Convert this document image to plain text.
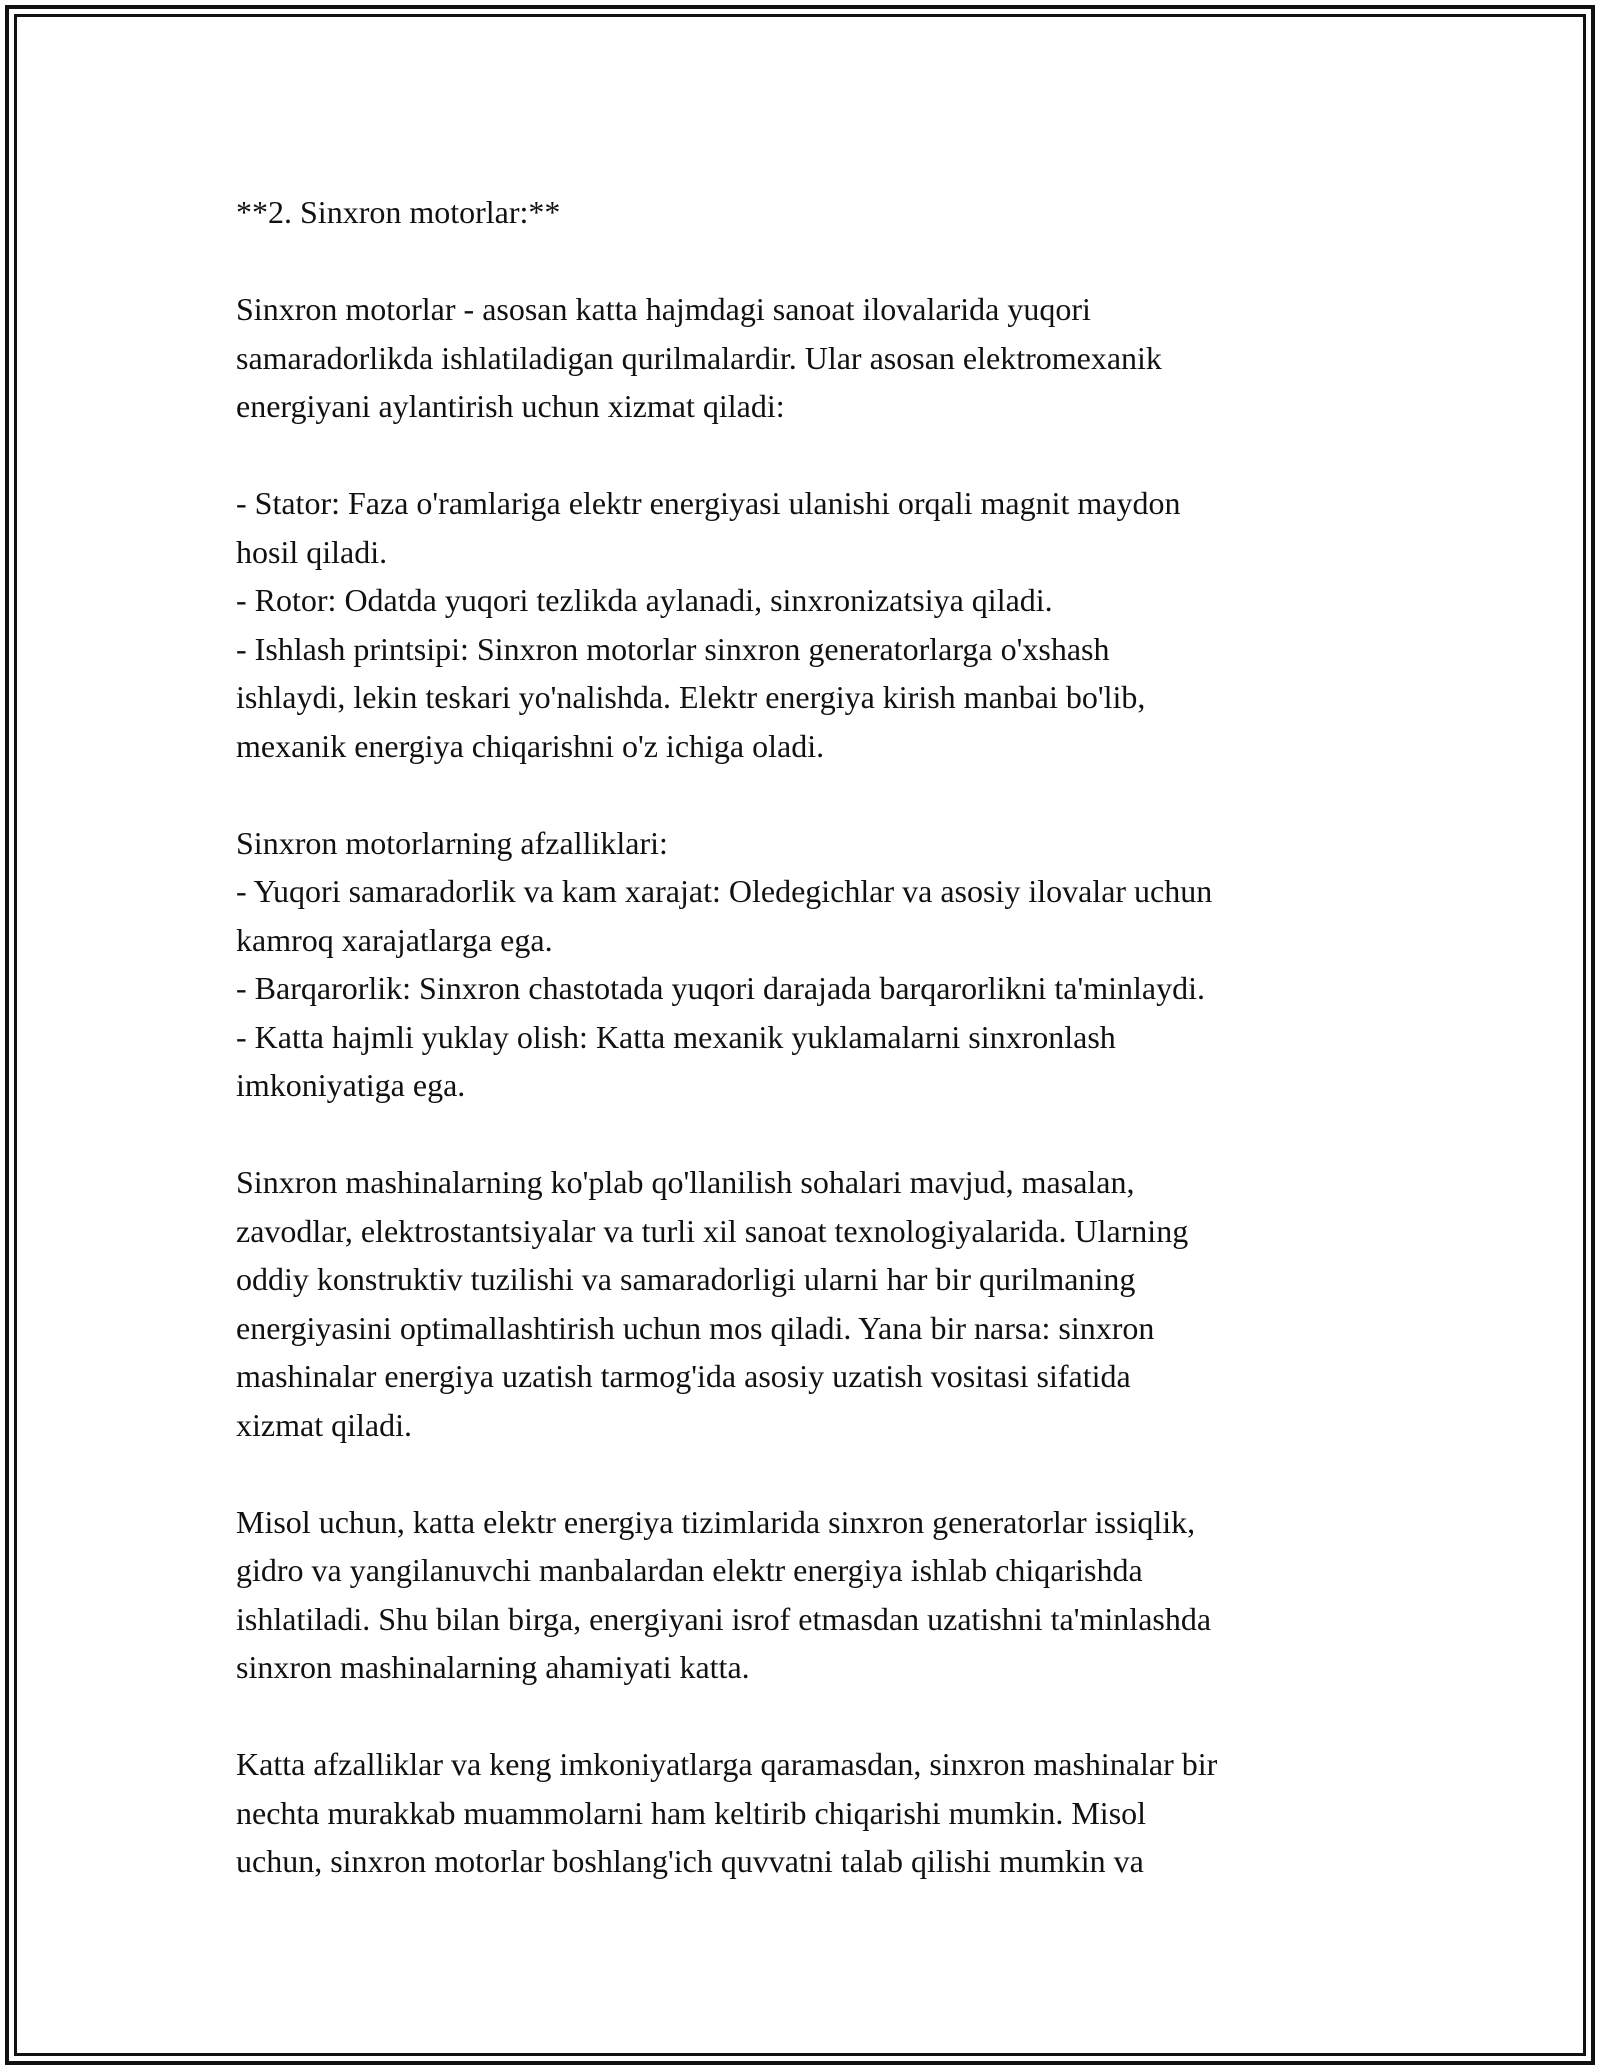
**2. Sinxron motorlar:**

Sinxron motorlar - asosan katta hajmdagi sanoat ilovalarida yuqori
samaradorlikda ishlatiladigan qurilmalardir. Ular asosan elektromexanik
energiyani aylantirish uchun xizmat qiladi:

- Stator: Faza o'ramlariga elektr energiyasi ulanishi orqali magnit maydon
hosil qiladi.
- Rotor: Odatda yuqori tezlikda aylanadi, sinxronizatsiya qiladi.
- Ishlash printsipi: Sinxron motorlar sinxron generatorlarga o'xshash
ishlaydi, lekin teskari yo'nalishda. Elektr energiya kirish manbai bo'lib,
mexanik energiya chiqarishni o'z ichiga oladi.

Sinxron motorlarning afzalliklari:
- Yuqori samaradorlik va kam xarajat: Oledegichlar va asosiy ilovalar uchun
kamroq xarajatlarga ega.
- Barqarorlik: Sinxron chastotada yuqori darajada barqarorlikni ta'minlaydi.
- Katta hajmli yuklay olish: Katta mexanik yuklamalarni sinxronlash
imkoniyatiga ega.

Sinxron mashinalarning ko'plab qo'llanilish sohalari mavjud, masalan,
zavodlar, elektrostantsiyalar va turli xil sanoat texnologiyalarida. Ularning
oddiy konstruktiv tuzilishi va samaradorligi ularni har bir qurilmaning
energiyasini optimallashtirish uchun mos qiladi. Yana bir narsa: sinxron
mashinalar energiya uzatish tarmog'ida asosiy uzatish vositasi sifatida
xizmat qiladi.

Misol uchun, katta elektr energiya tizimlarida sinxron generatorlar issiqlik,
gidro va yangilanuvchi manbalardan elektr energiya ishlab chiqarishda
ishlatiladi. Shu bilan birga, energiyani isrof etmasdan uzatishni ta'minlashda
sinxron mashinalarning ahamiyati katta.

Katta afzalliklar va keng imkoniyatlarga qaramasdan, sinxron mashinalar bir
nechta murakkab muammolarni ham keltirib chiqarishi mumkin. Misol
uchun, sinxron motorlar boshlang'ich quvvatni talab qilishi mumkin va
